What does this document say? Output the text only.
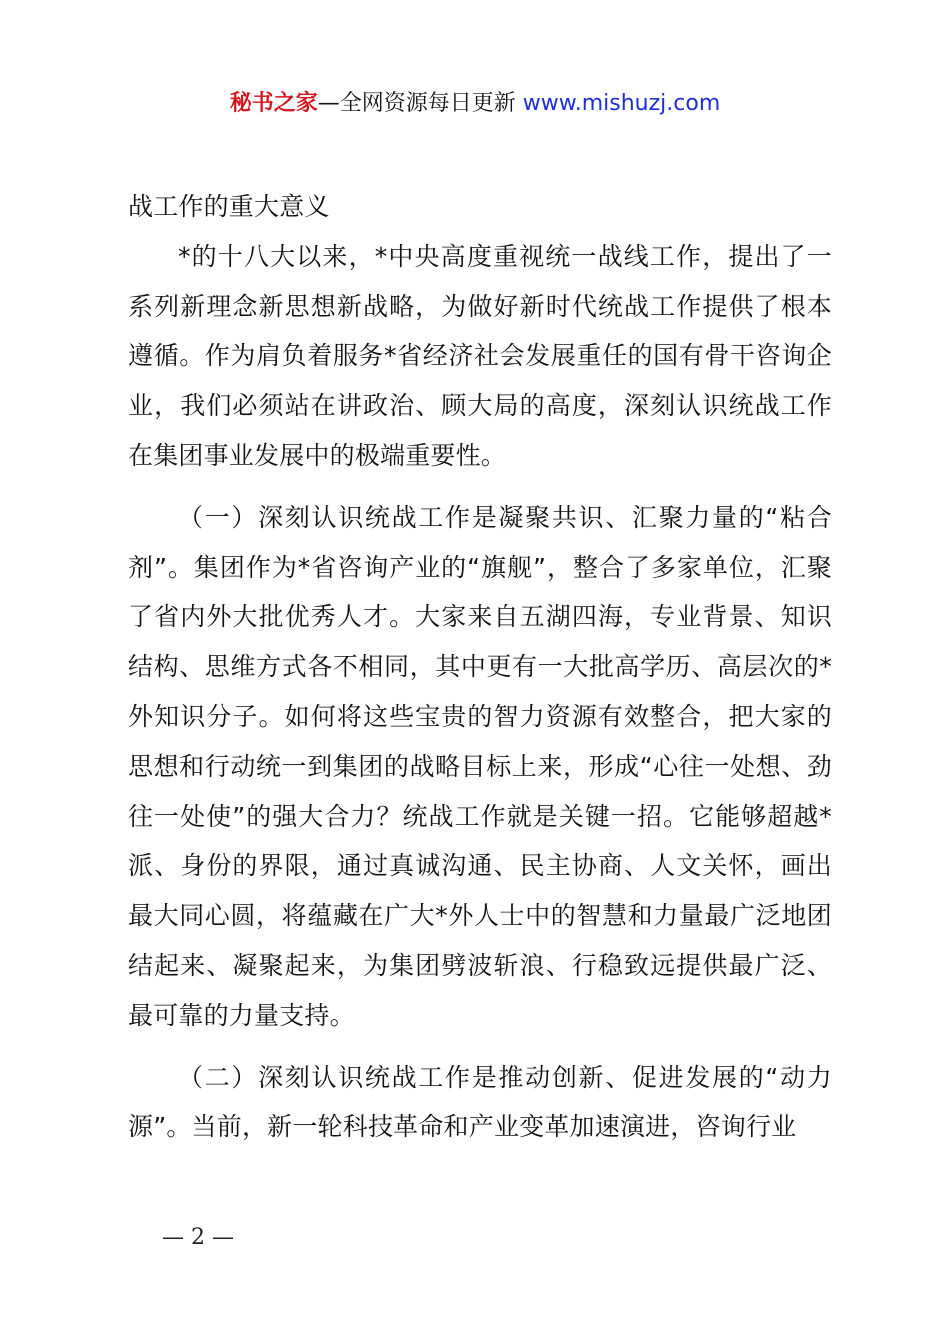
秘书之家—全网资源每日更新 www.mishuzj.com

战工作的重大意义

*的十八大以来，*中央高度重视统一战线工作，提出了一系列新理念新思想新战略，为做好新时代统战工作提供了根本遵循。作为肩负着服务*省经济社会发展重任的国有骨干咨询企业，我们必须站在讲政治、顾大局的高度，深刻认识统战工作在集团事业发展中的极端重要性。

（一）深刻认识统战工作是凝聚共识、汇聚力量的“粘合剂”。集团作为*省咨询产业的“旗舰”，整合了多家单位，汇聚了省内外大批优秀人才。大家来自五湖四海，专业背景、知识结构、思维方式各不相同，其中更有一大批高学历、高层次的*外知识分子。如何将这些宝贵的智力资源有效整合，把大家的思想和行动统一到集团的战略目标上来，形成“心往一处想、劲往一处使”的强大合力？统战工作就是关键一招。它能够超越*派、身份的界限，通过真诚沟通、民主协商、人文关怀，画出最大同心圆，将蕴藏在广大*外人士中的智慧和力量最广泛地团结起来、凝聚起来，为集团劈波斩浪、行稳致远提供最广泛、最可靠的力量支持。

（二）深刻认识统战工作是推动创新、促进发展的“动力源”。当前，新一轮科技革命和产业变革加速演进，咨询行业

— 2 —
